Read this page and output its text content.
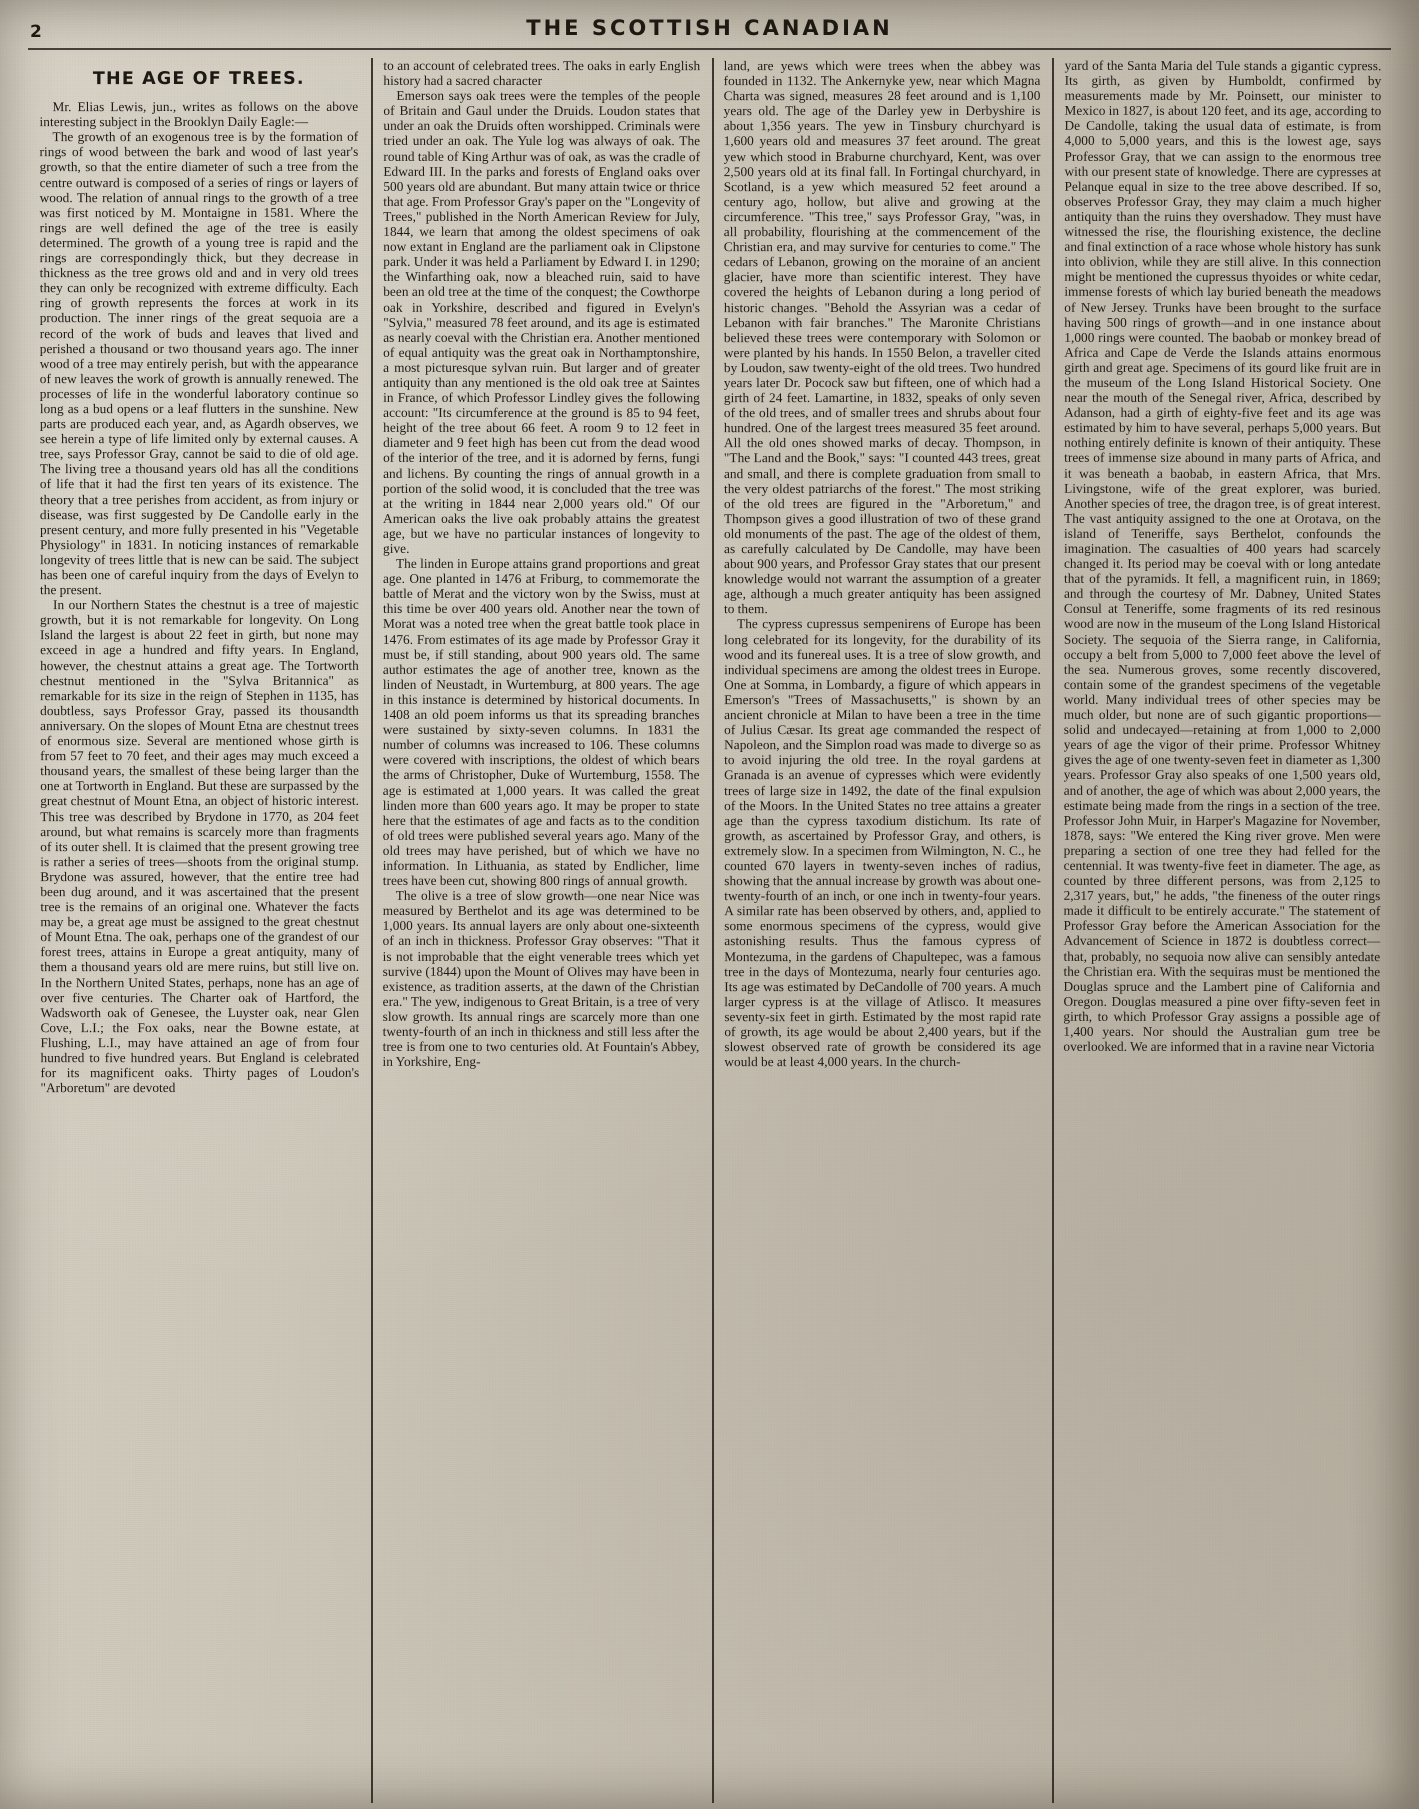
2	THE SCOTTISH CANADIAN
THE AGE OF TREES.

Mr. Elias Lewis, jun., writes as follows on the above interesting subject in the Brooklyn Daily Eagle:—

The growth of an exogenous tree is by the formation of rings of wood between the bark and wood of last year's growth, so that the entire diameter of such a tree from the centre outward is composed of a series of rings or layers of wood. The relation of annual rings to the growth of a tree was first noticed by M. Montaigne in 1581. Where the rings are well defined the age of the tree is easily determined. The growth of a young tree is rapid and the rings are correspondingly thick, but they decrease in thickness as the tree grows old and and in very old trees they can only be recognized with extreme difficulty. Each ring of growth represents the forces at work in its production. The inner rings of the great sequoia are a record of the work of buds and leaves that lived and perished a thousand or two thousand years ago. The inner wood of a tree may entirely perish, but with the appearance of new leaves the work of growth is annually renewed. The processes of life in the wonderful laboratory continue so long as a bud opens or a leaf flutters in the sunshine. New parts are produced each year, and, as Agardh observes, we see herein a type of life limited only by external causes. A tree, says Professor Gray, cannot be said to die of old age. The living tree a thousand years old has all the conditions of life that it had the first ten years of its existence. The theory that a tree perishes from accident, as from injury or disease, was first suggested by De Candolle early in the present century, and more fully presented in his "Vegetable Physiology" in 1831. In noticing instances of remarkable longevity of trees little that is new can be said. The subject has been one of careful inquiry from the days of Evelyn to the present.

In our Northern States the chestnut is a tree of majestic growth, but it is not remarkable for longevity. On Long Island the largest is about 22 feet in girth, but none may exceed in age a hundred and fifty years. In England, however, the chestnut attains a great age. The Tortworth chestnut mentioned in the "Sylva Britannica" as remarkable for its size in the reign of Stephen in 1135, has doubtless, says Professor Gray, passed its thousandth anniversary. On the slopes of Mount Etna are chestnut trees of enormous size. Several are mentioned whose girth is from 57 feet to 70 feet, and their ages may much exceed a thousand years, the smallest of these being larger than the one at Tortworth in England. But these are surpassed by the great chestnut of Mount Etna, an object of historic interest. This tree was described by Brydone in 1770, as 204 feet around, but what remains is scarcely more than fragments of its outer shell. It is claimed that the present growing tree is rather a series of trees—shoots from the original stump. Brydone was assured, however, that the entire tree had been dug around, and it was ascertained that the present tree is the remains of an original one. Whatever the facts may be, a great age must be assigned to the great chestnut of Mount Etna. The oak, perhaps one of the grandest of our forest trees, attains in Europe a great antiquity, many of them a thousand years old are mere ruins, but still live on. In the Northern United States, perhaps, none has an age of over five centuries. The Charter oak of Hartford, the Wadsworth oak of Genesee, the Luyster oak, near Glen Cove, L.I.; the Fox oaks, near the Bowne estate, at Flushing, L.I., may have attained an age of from four hundred to five hundred years. But England is celebrated for its magnificent oaks. Thirty pages of Loudon's "Arboretum" are devoted

to an account of celebrated trees. The oaks in early English history had a sacred character

Emerson says oak trees were the temples of the people of Britain and Gaul under the Druids. Loudon states that under an oak the Druids often worshipped. Criminals were tried under an oak. The Yule log was always of oak. The round table of King Arthur was of oak, as was the cradle of Edward III. In the parks and forests of England oaks over 500 years old are abundant. But many attain twice or thrice that age. From Professor Gray's paper on the "Longevity of Trees," published in the North American Review for July, 1844, we learn that among the oldest specimens of oak now extant in England are the parliament oak in Clipstone park. Under it was held a Parliament by Edward I. in 1290; the Winfarthing oak, now a bleached ruin, said to have been an old tree at the time of the conquest; the Cowthorpe oak in Yorkshire, described and figured in Evelyn's "Sylvia," measured 78 feet around, and its age is estimated as nearly coeval with the Christian era. Another mentioned of equal antiquity was the great oak in Northamptonshire, a most picturesque sylvan ruin. But larger and of greater antiquity than any mentioned is the old oak tree at Saintes in France, of which Professor Lindley gives the following account: "Its circumference at the ground is 85 to 94 feet, height of the tree about 66 feet. A room 9 to 12 feet in diameter and 9 feet high has been cut from the dead wood of the interior of the tree, and it is adorned by ferns, fungi and lichens. By counting the rings of annual growth in a portion of the solid wood, it is concluded that the tree was at the writing in 1844 near 2,000 years old." Of our American oaks the live oak probably attains the greatest age, but we have no particular instances of longevity to give.

The linden in Europe attains grand proportions and great age. One planted in 1476 at Friburg, to commemorate the battle of Merat and the victory won by the Swiss, must at this time be over 400 years old. Another near the town of Morat was a noted tree when the great battle took place in 1476. From estimates of its age made by Professor Gray it must be, if still standing, about 900 years old. The same author estimates the age of another tree, known as the linden of Neustadt, in Wurtemburg, at 800 years. The age in this instance is determined by historical documents. In 1408 an old poem informs us that its spreading branches were sustained by sixty-seven columns. In 1831 the number of columns was increased to 106. These columns were covered with inscriptions, the oldest of which bears the arms of Christopher, Duke of Wurtemburg, 1558. The age is estimated at 1,000 years. It was called the great linden more than 600 years ago. It may be proper to state here that the estimates of age and facts as to the condition of old trees were published several years ago. Many of the old trees may have perished, but of which we have no information. In Lithuania, as stated by Endlicher, lime trees have been cut, showing 800 rings of annual growth.

The olive is a tree of slow growth—one near Nice was measured by Berthelot and its age was determined to be 1,000 years. Its annual layers are only about one-sixteenth of an inch in thickness. Professor Gray observes: "That it is not improbable that the eight venerable trees which yet survive (1844) upon the Mount of Olives may have been in existence, as tradition asserts, at the dawn of the Christian era." The yew, indigenous to Great Britain, is a tree of very slow growth. Its annual rings are scarcely more than one twenty-fourth of an inch in thickness and still less after the tree is from one to two centuries old. At Fountain's Abbey, in Yorkshire, Eng-

land, are yews which were trees when the abbey was founded in 1132. The Ankernyke yew, near which Magna Charta was signed, measures 28 feet around and is 1,100 years old. The age of the Darley yew in Derbyshire is about 1,356 years. The yew in Tinsbury churchyard is 1,600 years old and measures 37 feet around. The great yew which stood in Braburne churchyard, Kent, was over 2,500 years old at its final fall. In Fortingal churchyard, in Scotland, is a yew which measured 52 feet around a century ago, hollow, but alive and growing at the circumference. "This tree," says Professor Gray, "was, in all probability, flourishing at the commencement of the Christian era, and may survive for centuries to come." The cedars of Lebanon, growing on the moraine of an ancient glacier, have more than scientific interest. They have covered the heights of Lebanon during a long period of historic changes. "Behold the Assyrian was a cedar of Lebanon with fair branches." The Maronite Christians believed these trees were contemporary with Solomon or were planted by his hands. In 1550 Belon, a traveller cited by Loudon, saw twenty-eight of the old trees. Two hundred years later Dr. Pocock saw but fifteen, one of which had a girth of 24 feet. Lamartine, in 1832, speaks of only seven of the old trees, and of smaller trees and shrubs about four hundred. One of the largest trees measured 35 feet around. All the old ones showed marks of decay. Thompson, in "The Land and the Book," says: "I counted 443 trees, great and small, and there is complete graduation from small to the very oldest patriarchs of the forest." The most striking of the old trees are figured in the "Arboretum," and Thompson gives a good illustration of two of these grand old monuments of the past. The age of the oldest of them, as carefully calculated by De Candolle, may have been about 900 years, and Professor Gray states that our present knowledge would not warrant the assumption of a greater age, although a much greater antiquity has been assigned to them.

The cypress cupressus sempenirens of Europe has been long celebrated for its longevity, for the durability of its wood and its funereal uses. It is a tree of slow growth, and individual specimens are among the oldest trees in Europe. One at Somma, in Lombardy, a figure of which appears in Emerson's "Trees of Massachusetts," is shown by an ancient chronicle at Milan to have been a tree in the time of Julius Cæsar. Its great age commanded the respect of Napoleon, and the Simplon road was made to diverge so as to avoid injuring the old tree. In the royal gardens at Granada is an avenue of cypresses which were evidently trees of large size in 1492, the date of the final expulsion of the Moors. In the United States no tree attains a greater age than the cypress taxodium distichum. Its rate of growth, as ascertained by Professor Gray, and others, is extremely slow. In a specimen from Wilmington, N. C., he counted 670 layers in twenty-seven inches of radius, showing that the annual increase by growth was about one-twenty-fourth of an inch, or one inch in twenty-four years. A similar rate has been observed by others, and, applied to some enormous specimens of the cypress, would give astonishing results. Thus the famous cypress of Montezuma, in the gardens of Chapultepec, was a famous tree in the days of Montezuma, nearly four centuries ago. Its age was estimated by DeCandolle of 700 years. A much larger cypress is at the village of Atlisco. It measures seventy-six feet in girth. Estimated by the most rapid rate of growth, its age would be about 2,400 years, but if the slowest observed rate of growth be considered its age would be at least 4,000 years. In the church-

yard of the Santa Maria del Tule stands a gigantic cypress. Its girth, as given by Humboldt, confirmed by measurements made by Mr. Poinsett, our minister to Mexico in 1827, is about 120 feet, and its age, according to De Candolle, taking the usual data of estimate, is from 4,000 to 5,000 years, and this is the lowest age, says Professor Gray, that we can assign to the enormous tree with our present state of knowledge. There are cypresses at Pelanque equal in size to the tree above described. If so, observes Professor Gray, they may claim a much higher antiquity than the ruins they overshadow. They must have witnessed the rise, the flourishing existence, the decline and final extinction of a race whose whole history has sunk into oblivion, while they are still alive. In this connection might be mentioned the cupressus thyoides or white cedar, immense forests of which lay buried beneath the meadows of New Jersey. Trunks have been brought to the surface having 500 rings of growth—and in one instance about 1,000 rings were counted. The baobab or monkey bread of Africa and Cape de Verde the Islands attains enormous girth and great age. Specimens of its gourd like fruit are in the museum of the Long Island Historical Society. One near the mouth of the Senegal river, Africa, described by Adanson, had a girth of eighty-five feet and its age was estimated by him to have several, perhaps 5,000 years. But nothing entirely definite is known of their antiquity. These trees of immense size abound in many parts of Africa, and it was beneath a baobab, in eastern Africa, that Mrs. Livingstone, wife of the great explorer, was buried. Another species of tree, the dragon tree, is of great interest. The vast antiquity assigned to the one at Orotava, on the island of Teneriffe, says Berthelot, confounds the imagination. The casualties of 400 years had scarcely changed it. Its period may be coeval with or long antedate that of the pyramids. It fell, a magnificent ruin, in 1869; and through the courtesy of Mr. Dabney, United States Consul at Teneriffe, some fragments of its red resinous wood are now in the museum of the Long Island Historical Society. The sequoia of the Sierra range, in California, occupy a belt from 5,000 to 7,000 feet above the level of the sea. Numerous groves, some recently discovered, contain some of the grandest specimens of the vegetable world. Many individual trees of other species may be much older, but none are of such gigantic proportions—solid and undecayed—retaining at from 1,000 to 2,000 years of age the vigor of their prime. Professor Whitney gives the age of one twenty-seven feet in diameter as 1,300 years. Professor Gray also speaks of one 1,500 years old, and of another, the age of which was about 2,000 years, the estimate being made from the rings in a section of the tree. Professor John Muir, in Harper's Magazine for November, 1878, says: "We entered the King river grove. Men were preparing a section of one tree they had felled for the centennial. It was twenty-five feet in diameter. The age, as counted by three different persons, was from 2,125 to 2,317 years, but," he adds, "the fineness of the outer rings made it difficult to be entirely accurate." The statement of Professor Gray before the American Association for the Advancement of Science in 1872 is doubtless correct—that, probably, no sequoia now alive can sensibly antedate the Christian era. With the sequiras must be mentioned the Douglas spruce and the Lambert pine of California and Oregon. Douglas measured a pine over fifty-seven feet in girth, to which Professor Gray assigns a possible age of 1,400 years. Nor should the Australian gum tree be overlooked. We are informed that in a ravine near Victoria
